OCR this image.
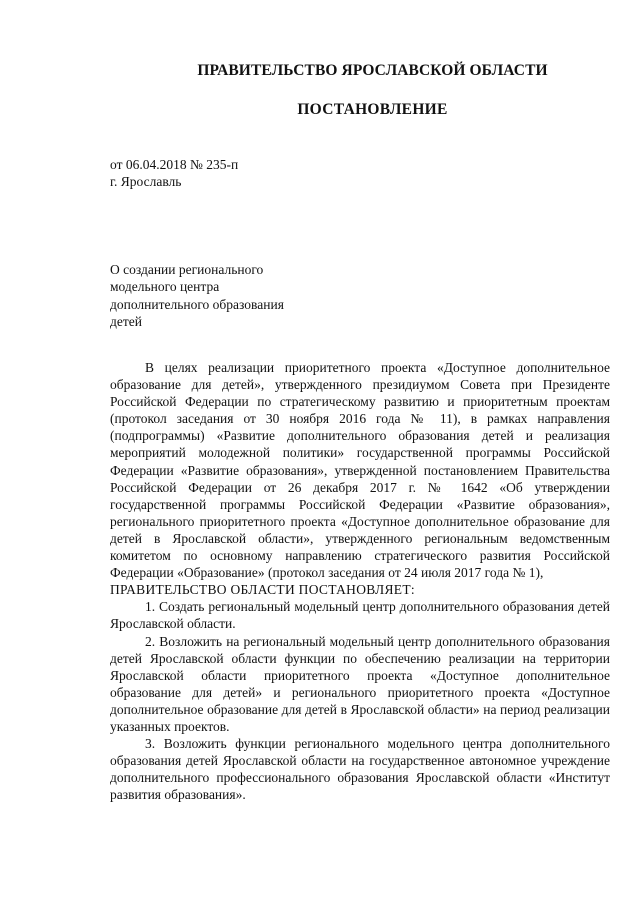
ПРАВИТЕЛЬСТВО ЯРОСЛАВСКОЙ ОБЛАСТИ
ПОСТАНОВЛЕНИЕ
от 06.04.2018 № 235-п
г. Ярославль
О создании регионального
модельного центра
дополнительного образования
детей

В целях реализации приоритетного проекта «Доступное дополнительное образование для детей», утвержденного президиумом Совета при Президенте Российской Федерации по стратегическому развитию и приоритетным проектам (протокол заседания от 30 ноября 2016 года № 11), в рамках направления (подпрограммы) «Развитие дополнительного образования детей и реализация мероприятий молодежной политики» государственной программы Российской Федерации «Развитие образования», утвержденной постановлением Правительства Российской Федерации от 26 декабря 2017 г. № 1642 «Об утверждении государственной программы Российской Федерации «Развитие образования», регионального приоритетного проекта «Доступное дополнительное образование для детей в Ярославской области», утвержденного региональным ведомственным комитетом по основному направлению стратегического развития Российской Федерации «Образование» (протокол заседания от 24 июля 2017 года № 1),

ПРАВИТЕЛЬСТВО ОБЛАСТИ ПОСТАНОВЛЯЕТ:

1. Создать региональный модельный центр дополнительного образования детей Ярославской области.

2. Возложить на региональный модельный центр дополнительного образования детей Ярославской области функции по обеспечению реализации на территории Ярославской области приоритетного проекта «Доступное дополнительное образование для детей» и регионального приоритетного проекта «Доступное дополнительное образование для детей в Ярославской области» на период реализации указанных проектов.

3. Возложить функции регионального модельного центра дополнительного образования детей Ярославской области на государственное автономное учреждение дополнительного профессионального образования Ярославской области «Институт развития образования».
